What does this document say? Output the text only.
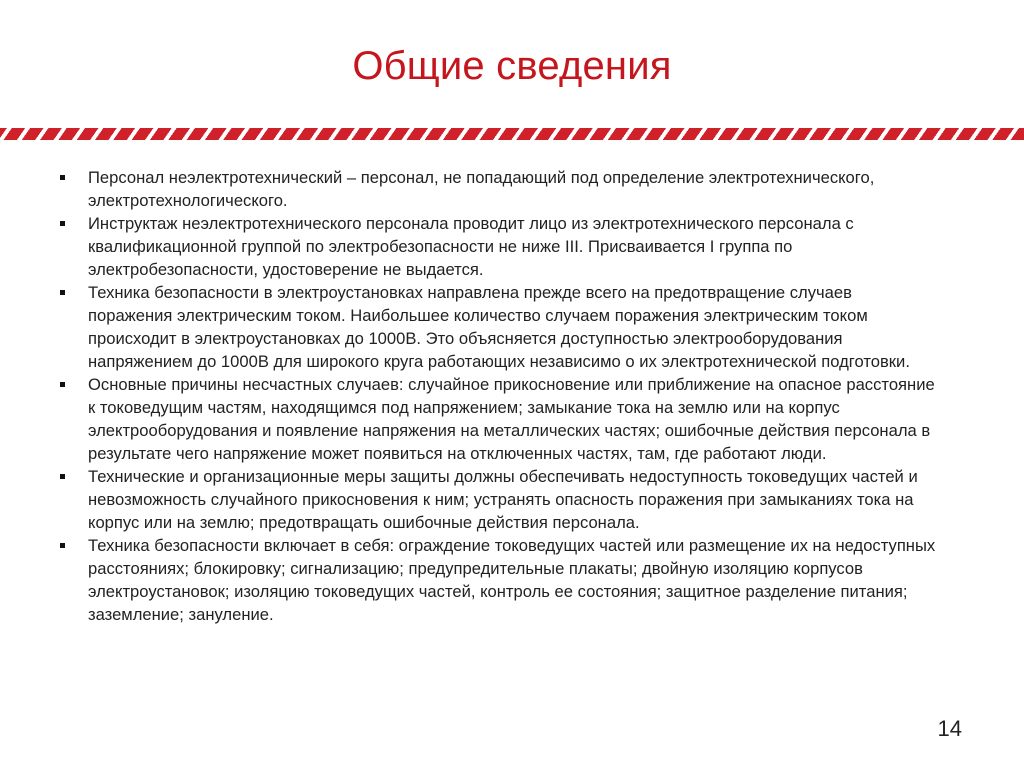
Общие сведения
Персонал неэлектротехнический – персонал, не попадающий под определение электротехнического, электротехнологического.
Инструктаж неэлектротехнического персонала проводит лицо из электротехнического персонала с квалификационной группой по электробезопасности не ниже III. Присваивается I группа по электробезопасности, удостоверение не выдается.
Техника безопасности в электроустановках направлена прежде всего на предотвращение случаев поражения электрическим током. Наибольшее количество случаем поражения электрическим током происходит в электроустановках до 1000В. Это объясняется доступностью электрооборудования напряжением до 1000В для широкого круга работающих независимо о их электротехнической подготовки.
Основные причины несчастных случаев: случайное прикосновение или приближение на опасное расстояние к токоведущим частям, находящимся под напряжением; замыкание тока на землю или на корпус электрооборудования и появление напряжения на металлических частях; ошибочные действия персонала в результате чего напряжение может появиться на отключенных частях, там, где работают люди.
Технические и организационные меры защиты должны обеспечивать недоступность токоведущих частей и невозможность случайного прикосновения к ним; устранять опасность поражения при замыканиях тока на корпус или на землю; предотвращать ошибочные действия персонала.
Техника безопасности включает в себя: ограждение токоведущих частей или размещение их на недоступных расстояниях; блокировку; сигнализацию; предупредительные плакаты; двойную изоляцию корпусов электроустановок; изоляцию токоведущих частей, контроль ее состояния; защитное разделение питания; заземление; зануление.
14
